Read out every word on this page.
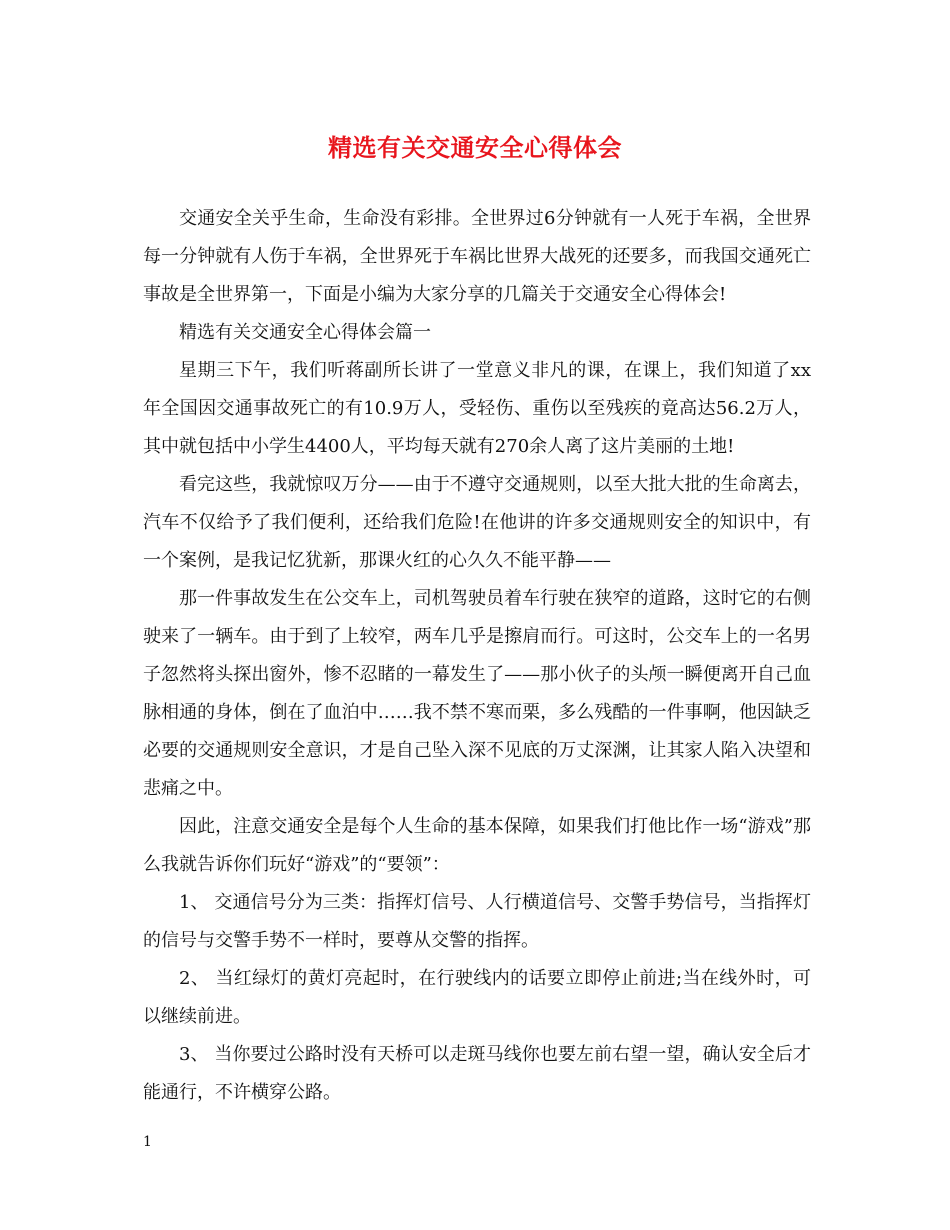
精选有关交通安全心得体会

交通安全关乎生命，生命没有彩排。全世界过6分钟就有一人死于车祸，全世界每一分钟就有人伤于车祸，全世界死于车祸比世界大战死的还要多，而我国交通死亡事故是全世界第一，下面是小编为大家分享的几篇关于交通安全心得体会!

精选有关交通安全心得体会篇一

星期三下午，我们听蒋副所长讲了一堂意义非凡的课，在课上，我们知道了xx年全国因交通事故死亡的有10.9万人，受轻伤、重伤以至残疾的竟高达56.2万人，其中就包括中小学生4400人，平均每天就有270余人离了这片美丽的土地!

看完这些，我就惊叹万分——由于不遵守交通规则，以至大批大批的生命离去，汽车不仅给予了我们便利，还给我们危险!在他讲的许多交通规则安全的知识中，有一个案例，是我记忆犹新，那课火红的心久久不能平静——

那一件事故发生在公交车上，司机驾驶员着车行驶在狭窄的道路，这时它的右侧驶来了一辆车。由于到了上较窄，两车几乎是擦肩而行。可这时，公交车上的一名男子忽然将头探出窗外，惨不忍睹的一幕发生了——那小伙子的头颅一瞬便离开自己血脉相通的身体，倒在了血泊中……我不禁不寒而栗，多么残酷的一件事啊，他因缺乏必要的交通规则安全意识，才是自己坠入深不见底的万丈深渊，让其家人陷入决望和悲痛之中。

因此，注意交通安全是每个人生命的基本保障，如果我们打他比作一场“游戏”那么我就告诉你们玩好“游戏”的“要领”：

1、 交通信号分为三类：指挥灯信号、人行横道信号、交警手势信号，当指挥灯的信号与交警手势不一样时，要尊从交警的指挥。

2、 当红绿灯的黄灯亮起时，在行驶线内的话要立即停止前进;当在线外时，可以继续前进。

3、 当你要过公路时没有天桥可以走斑马线你也要左前右望一望，确认安全后才能通行，不许横穿公路。

1
